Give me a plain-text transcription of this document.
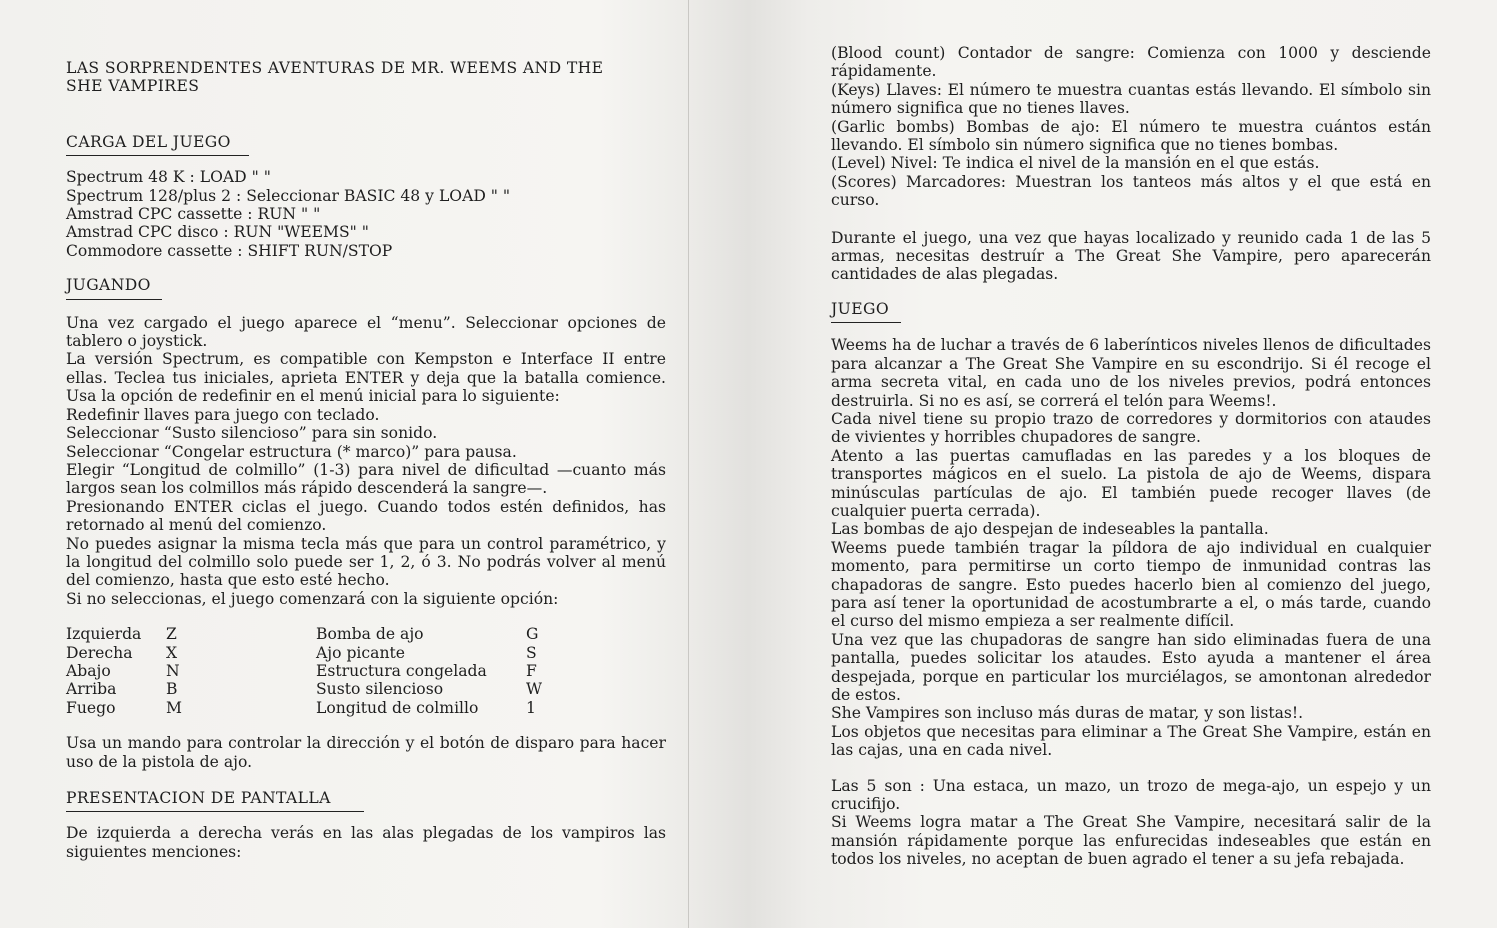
LAS SORPRENDENTES AVENTURAS DE MR. WEEMS AND THE
SHE VAMPIRES
CARGA DEL JUEGO
Spectrum 48 K : LOAD " "
Spectrum 128/plus 2 : Seleccionar BASIC 48 y LOAD " "
Amstrad CPC cassette : RUN " "
Amstrad CPC disco : RUN "WEEMS" "
Commodore cassette : SHIFT RUN/STOP
JUGANDO
Una vez cargado el juego aparece el “menu”. Seleccionar opciones de tablero o joystick.
La versión Spectrum, es compatible con Kempston e Interface II entre ellas. Teclea tus iniciales, aprieta ENTER y deja que la batalla comience. Usa la opción de redefinir en el menú inicial para lo siguiente:
Redefinir llaves para juego con teclado.
Seleccionar “Susto silencioso” para sin sonido.
Seleccionar “Congelar estructura (* marco)” para pausa.
Elegir “Longitud de colmillo” (1-3) para nivel de dificultad —cuanto más largos sean los colmillos más rápido descenderá la sangre—.
Presionando ENTER ciclas el juego. Cuando todos estén definidos, has retornado al menú del comienzo.
No puedes asignar la misma tecla más que para un control paramétrico, y la longitud del colmillo solo puede ser 1, 2, ó 3. No podrás volver al menú del comienzo, hasta que esto esté hecho.
Si no seleccionas, el juego comenzará con la siguiente opción:
Izquierda	Z	Bomba de ajo	G
Derecha	X	Ajo picante	S
Abajo	N	Estructura congelada	F
Arriba	B	Susto silencioso	W
Fuego	M	Longitud de colmillo	1
Usa un mando para controlar la dirección y el botón de disparo para hacer uso de la pistola de ajo.
PRESENTACION DE PANTALLA
De izquierda a derecha verás en las alas plegadas de los vampiros las siguientes menciones:
(Blood count) Contador de sangre: Comienza con 1000 y desciende rápidamente.
(Keys) Llaves: El número te muestra cuantas estás llevando. El símbolo sin número significa que no tienes llaves.
(Garlic bombs) Bombas de ajo: El número te muestra cuántos están llevando. El símbolo sin número significa que no tienes bombas.
(Level) Nivel: Te indica el nivel de la mansión en el que estás.
(Scores) Marcadores: Muestran los tanteos más altos y el que está en curso.
Durante el juego, una vez que hayas localizado y reunido cada 1 de las 5 armas, necesitas destruír a The Great She Vampire, pero aparecerán cantidades de alas plegadas.
JUEGO
Weems ha de luchar a través de 6 laberínticos niveles llenos de dificultades para alcanzar a The Great She Vampire en su escondrijo. Si él recoge el arma secreta vital, en cada uno de los niveles previos, podrá entonces destruirla. Si no es así, se correrá el telón para Weems!.
Cada nivel tiene su propio trazo de corredores y dormitorios con ataudes de vivientes y horribles chupadores de sangre.
Atento a las puertas camufladas en las paredes y a los bloques de transportes mágicos en el suelo. La pistola de ajo de Weems, dispara minúsculas partículas de ajo. El también puede recoger llaves (de cualquier puerta cerrada).
Las bombas de ajo despejan de indeseables la pantalla.
Weems puede también tragar la píldora de ajo individual en cualquier momento, para permitirse un corto tiempo de inmunidad contras las chapadoras de sangre. Esto puedes hacerlo bien al comienzo del juego, para así tener la oportunidad de acostumbrarte a el, o más tarde, cuando el curso del mismo empieza a ser realmente difícil.
Una vez que las chupadoras de sangre han sido eliminadas fuera de una pantalla, puedes solicitar los ataudes. Esto ayuda a mantener el área despejada, porque en particular los murciélagos, se amontonan alrededor de estos.
She Vampires son incluso más duras de matar, y son listas!.
Los objetos que necesitas para eliminar a The Great She Vampire, están en las cajas, una en cada nivel.
Las 5 son : Una estaca, un mazo, un trozo de mega-ajo, un espejo y un crucifijo.
Si Weems logra matar a The Great She Vampire, necesitará salir de la mansión rápidamente porque las enfurecidas indeseables que están en todos los niveles, no aceptan de buen agrado el tener a su jefa rebajada.
